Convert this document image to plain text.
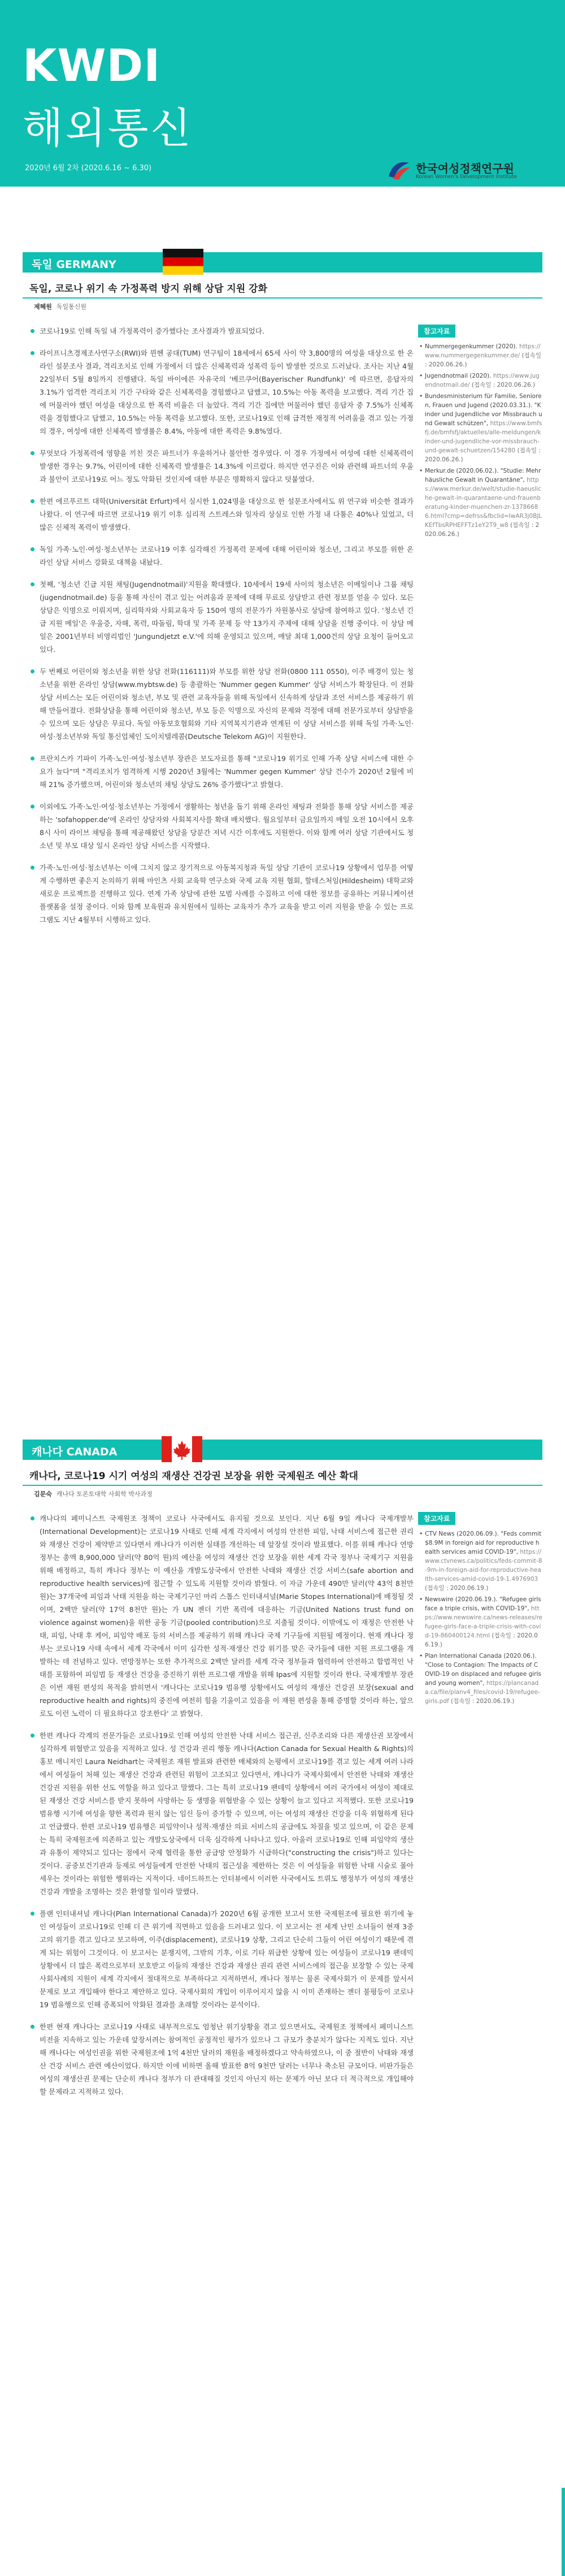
KWDI
해외통신
2020년 6월 2차 (2020.6.16 ~ 6.30)	한국여성정책연구원
Korean Women's Development Institute
독일 GERMANY
독일, 코로나 위기 속 가정폭력 방지 위해 상담 지원 강화
제혜원 독일통신원

코로나19로 인해 독일 내 가정폭력이 증가했다는 조사결과가 발표되었다.

라이프니츠경제조사연구소(RWI)와 뮌헨 공대(TUM) 연구팀이 18세에서 65세 사이 약 3,800명의 여성을 대상으로 한 온라인 설문조사 결과, 격리조치로 인해 가정에서 더 많은 신체폭력과 성폭력 등이 발생한 것으로 드러났다. 조사는 지난 4월 22일부터 5월 8일까지 진행됐다. 독일 바이에른 자유국의 '베르쿠어(Bayerischer Rundfunk)' 에 따르면, 응답자의 3.1%가 엄격한 격리조치 기간 구타와 같은 신체폭력을 경험했다고 답했고, 10.5%는 아동 폭력을 보고했다. 격리 기간 집에 머물러야 했던 여성을 대상으로 한 폭력 비율은 더 높았다. 격리 기간 집에만 머물러야 했던 응답자 중 7.5%가 신체폭력을 경험했다고 답했고, 10.5%는 아동 폭력을 보고했다. 또한, 코로나19로 인해 급격한 재정적 어려움을 겪고 있는 가정의 경우, 여성에 대한 신체폭력 발생률은 8.4%, 아동에 대한 폭력은 9.8%였다.

무엇보다 가정폭력에 영향을 끼친 것은 파트너가 우울하거나 불안한 경우였다. 이 경우 가정에서 여성에 대한 신체폭력이 발생한 경우는 9.7%, 어린이에 대한 신체폭력 발생률은 14.3%에 이르렀다. 하지만 연구진은 이와 관련해 파트너의 우울과 불안이 코로나19로 어느 정도 악화된 것인지에 대한 부분은 명확하지 않다고 덧붙였다.

한편 에르푸르트 대학(Universität Erfurt)에서 실시한 1,024명을 대상으로 한 설문조사에서도 위 연구와 비슷한 결과가 나왔다. 이 연구에 따르면 코로나19 위기 이후 심리적 스트레스와 일자리 상실로 인한 가정 내 다툼은 40%나 있었고, 더 많은 신체적 폭력이 발생했다.

독일 가족·노인·여성·청소년부는 코로나19 이후 심각해진 가정폭력 문제에 대해 어린이와 청소년, 그리고 부모를 위한 온라인 상담 서비스 강화로 대책을 내놨다.

첫째, '청소년 긴급 지원 채팅(Jugendnotmail)'지원을 확대했다. 10세에서 19세 사이의 청소년은 이메일이나 그룹 채팅(jugendnotmail.de) 등을 통해 자신이 겪고 있는 어려움과 문제에 대해 무료로 상담받고 관련 정보를 얻을 수 있다. 모든 상담은 익명으로 이뤄지며, 심리학자와 사회교육자 등 150여 명의 전문가가 자원봉사로 상담에 참여하고 있다. '청소년 긴급 지원 메일'은 우울증, 자해, 폭력, 따돌림, 학대 및 가족 문제 등 약 13가지 주제에 대해 상담을 진행 중이다. 이 상담 메일은 2001년부터 비영리법인 'Jungundjetzt e.V.'에 의해 운영되고 있으며, 매달 최대 1,000건의 상담 요청이 들어오고 있다.

두 번째로 어린이와 청소년을 위한 상담 전화(116111)와 부모를 위한 상담 전화(0800 111 0550), 이주 배경이 있는 청소년을 위한 온라인 상담(www.mybtsw.de) 등 총괄하는 'Nummer gegen Kummer' 상담 서비스가 확장된다. 이 전화상담 서비스는 모든 어린이와 청소년, 부모 및 관련 교육자들을 위해 독일에서 신속하게 상담과 조언 서비스를 제공하기 위해 만들어졌다. 전화상담을 통해 어린이와 청소년, 부모 등은 익명으로 자신의 문제와 걱정에 대해 전문가로부터 상담받을 수 있으며 모든 상담은 무료다. 독일 아동보호협회와 기타 지역복지기관과 연계된 이 상담 서비스를 위해 독일 가족·노인·여성·청소년부와 독일 통신업체인 도이치텔레콤(Deutsche Telekom AG)이 지원한다.

프란치스카 기파이 가족·노인·여성·청소년부 장관은 보도자료를 통해 "코로나19 위기로 인해 가족 상담 서비스에 대한 수요가 늘다"며 "격리조치가 엄격하게 시행 2020년 3월에는 'Nummer gegen Kummer' 상담 건수가 2020년 2월에 비해 21% 증가했으며, 어린이와 청소년의 채팅 상담도 26% 증가했다"고 밝혔다.

이외에도 가족·노인·여성·청소년부는 가정에서 생활하는 청년을 돕기 위해 온라인 채팅과 전화를 통해 상담 서비스를 제공하는 'sofahopper.de'에 온라인 상담자와 사회복지사를 확대 배치했다. 월요일부터 금요일까지 매일 오전 10시에서 오후 8시 사이 라이브 채팅을 통해 제공해왔던 상담을 당분간 저녁 시간 이후에도 지원한다. 이와 함께 여러 상담 기관에서도 청소년 및 부모 대상 일시 온라인 상담 서비스를 시작했다.

가족·노인·여성·청소년부는 이에 그치지 않고 장기적으로 아동복지청과 독일 상담 기관이 코로나19 상황에서 업무를 어떻게 수행하면 좋은지 논의하기 위해 마인츠 사회 교육학 연구소와 국제 교육 지원 협회, 할데스처임(Hildesheim) 대학교와 새로운 프로젝트를 진행하고 있다. 연계 가족 상담에 관한 모범 사례를 수집하고 이에 대한 정보를 공유하는 커뮤니케이션 플랫폼을 설정 중이다. 이와 함께 보육원과 유치원에서 일하는 교육자가 추가 교육을 받고 이러 지원을 받을 수 있는 프로그램도 지난 4월부터 시행하고 있다.

참고자료

• Nummergegenkummer (2020). https://www.nummergegenkummer.de/ (접속일 : 2020.06.26.)

• Jugendnotmail (2020). https://www.jugendnotmail.de/ (접속일 : 2020.06.26.)

• Bundesministerium für Familie, Senioren, Frauen und Jugend (2020.03.31.). "Kinder und Jugendliche vor Missbrauch und Gewalt schützen", https://www.bmfsfj.de/bmfsfj/aktuelles/alle-meldungen/kinder-und-jugendliche-vor-missbrauch-und-gewalt-schuetzen/154280 (접속일 : 2020.06.26.)

• Merkur.de (2020.06.02.). "Studie: Mehr häusliche Gewalt in Quarantäne", https://www.merkur.de/welt/studie-haeusliche-gewalt-in-quarantaene-und-frauenberatung-kinder-muenchen-zr-13786686.html?cmp=defrss&fbclid=IwAR3j0BJLKEfTbsRPHEFFTz1eY2T9_w8 (접속일 : 2020.06.26.)

캐나다 CANADA
캐나다, 코로나19 시기 여성의 재생산 건강권 보장을 위한 국제원조 예산 확대
김문숙 캐나다 토론토대학 사회학 박사과정

캐나다의 페미니스트 국제원조 정책이 코로나 사국에서도 유지될 것으로 보인다. 지난 6월 9일 캐나다 국제개발부(International Development)는 코로나19 사태로 인해 세계 각지에서 여성의 안전한 피임, 낙태 서비스에 접근한 권리와 재생산 건강이 제약받고 있다면서 캐나다가 이러한 실태를 개선하는 데 앞장설 것이라 발표했다. 이를 위해 캐나다 연방 정부는 총액 8,900,000 달러(약 80억 원)의 예산을 여성의 재생산 건강 보장을 위한 세계 각국 정부나 국제기구 지원을 위해 배정하고, 특히 캐나다 정부는 이 예산을 개발도상국에서 안전한 낙태와 재생산 건강 서비스(safe abortion and reproductive health services)에 접근할 수 있도록 지원할 것이라 밝혔다. 이 자금 가운데 490만 달러(약 43억 8천만 원)는 37개국에 피임과 낙태 지원을 하는 국제기구인 마리 스톱스 인터내셔널(Marie Stopes International)에 배정될 것이며, 2백만 달러(약 17억 8천만 원)는 가 UN 젠더 기반 폭력에 대응하는 기금(United Nations trust fund on violence against women)을 위한 공동 기금(pooled contribution)으로 지출될 것이다. 이밖에도 이 재정은 안전한 낙태, 피임, 낙태 후 케어, 피임약 배포 등의 서비스를 제공하기 위해 캐나다 국제 기구들에 지원될 예정이다. 현재 캐나다 정부는 코로나19 사태 속에서 세계 각국에서 이미 심각한 성적·재생산 건강 위기를 맞은 국가들에 대한 지원 프로그램을 개발하는 데 전념하고 있다. 연방정부는 또한 추가적으로 2백만 달러를 세계 각국 정부들과 협력하여 안전하고 합법적인 낙태를 포함하여 피임법 등 재생산 건강을 증진하기 위한 프로그램 개발을 위해 Ipas에 지원할 것이라 한다. 국제개발부 장관은 이번 재원 편성의 목적을 밝히면서 '캐나다는 코로나19 범유행 상황에서도 여성의 재생산 건강권 보장(sexual and reproductive health and rights)의 중진에 여전히 힘을 기울이고 있음을 이 재원 편성을 통해 증명할 것이라 하는, 앞으로도 이런 노력이 더 필요하다고 강조한다' 고 밝혔다.

한편 캐나다 각계의 전문가들은 코로나19로 인해 여성의 안전한 낙태 서비스 접근권, 신주조리와 다른 재생산권 보장에서 심각하게 위협받고 있음을 지적하고 있다. 성 건강과 권리 행동 캐나다(Action Canada for Sexual Health & Rights)의 홍보 매니저인 Laura Neidhart는 국제원조 재원 발표와 관련한 매체와의 논평에서 코로나19를 겪고 있는 세계 여러 나라에서 여성들이 처해 있는 재생산 건강과 관련된 위험이 고조되고 있다면서, 캐나다가 국제사회에서 안전한 낙태와 재생산 건강권 지원을 위한 선도 역할을 하고 있다고 말했다. 그는 특히 코로나19 팬데믹 상황에서 여러 국가에서 여성이 제대로 된 재생산 건강 서비스를 받지 못하여 사망하는 등 생명을 위협받을 수 있는 상황이 늘고 있다고 지적했다. 또한 코로나19 범유행 시기에 여성을 향한 폭력과 원치 않는 임신 등이 증가할 수 있으며, 이는 여성의 재생산 건강을 더욱 위협하게 된다고 언급했다. 한편 코로나19 범유행은 피임약이나 성적·재생산 의료 서비스의 공급에도 차질을 빚고 있으며, 이 같은 문제는 특히 국제원조에 의존하고 있는 개발도상국에서 더욱 심각하게 나타나고 있다. 아울러 코로나19로 인해 피임약의 생산과 유통이 제약되고 있다는 점에서 국제 협력을 통한 공급망 안정화가 시급하다("constructing the crisis")하고 있다는 것이다. 공중보건기관과 등제로 여성들에게 안전한 낙태의 접근성을 제한하는 것은 이 여성들을 위험한 낙태 시술로 몰아세우는 것이라는 위험한 행위라는 지적이다. 네이드하트는 인터뷰에서 이러한 사국에서도 트뤼도 행정부가 여성의 재생산 건강과 개발을 조명하는 것은 환영할 일이라 말했다.

플랜 인터내셔널 캐나다(Plan International Canada)가 2020년 6월 공개한 보고서 또한 국제원조에 필요한 위기에 놓인 여성들이 코로나19로 인해 더 큰 위기에 직면하고 있음을 드러내고 있다. 이 보고서는 전 세계 난민 소녀들이 현재 3중고의 위기를 겪고 있다고 보고하며, 이주(displacement), 코로나19 상황, 그리고 단순히 그들이 어린 여성이기 때문에 겪게 되는 위험이 그것이다. 이 보고서는 분쟁지역, 그밖의 기후, 이로 기타 위급한 상황에 있는 여성들이 코로나19 팬데믹 상황에서 더 많은 폭력으로부터 보호받고 이들의 재생산 건강과 재생산 권리 관련 서비스에의 접근을 보장할 수 있는 국제 사회사례의 지원이 세계 각지에서 절대적으로 부족하다고 지적하면서, 캐나다 정부는 물론 국제사회가 이 문제를 앞서서 문제로 보고 개입해야 한다고 제안하고 있다. 국제사회의 개입이 이루어지지 않을 시 이미 존재하는 젠더 불평등이 코로나 19 범유행으로 인해 증폭되어 악화된 결과를 초래할 것이라는 분석이다.

한편 현재 캐나다는 코로나19 사태로 내부적으로도 엄청난 위기상황을 겪고 있으면서도, 국제원조 정책에서 페미니스트 비전을 지속하고 있는 가운데 앞장서려는 참여적인 공정적인 평가가 있으나 그 규모가 충분치가 않다는 지적도 있다. 지난해 캐나다는 여성인권을 위한 국제원조에 1억 4천만 달러의 재원을 배정하겠다고 약속하였으나, 이 중 절반이 낙태와 재생산 건강 서비스 관련 예산이었다. 하지만 이에 비하면 올해 발표한 8억 9천만 달러는 너무나 축소된 규모이다. 비판가들은 여성의 재생산권 문제는 단순히 캐나다 정부가 더 관대해질 것인지 아닌지 하는 문제가 아닌 보다 더 적극적으로 개입해야 할 문제라고 지적하고 있다.

참고자료

• CTV News (2020.06.09.). "Feds commit $8.9M in foreign aid for reproductive health services amid COVID-19", https://www.ctvnews.ca/politics/feds-commit-8-9m-in-foreign-aid-for-reproductive-health-services-amid-covid-19-1.4976903 (접속일 : 2020.06.19.)

• Newswire (2020.06.19.). "Refugee girls face a triple crisis, with COVID-19", https://www.newswire.ca/news-releases/refugee-girls-face-a-triple-crisis-with-covid-19-860400124.html (접속일 : 2020.06.19.)

• Plan International Canada (2020.06.). "Close to Contagion: The Impacts of COVID-19 on displaced and refugee girls and young women", https://plancanada.ca/file/planv4_files/covid-19/refugee-girls.pdf (접속일 : 2020.06.19.)
